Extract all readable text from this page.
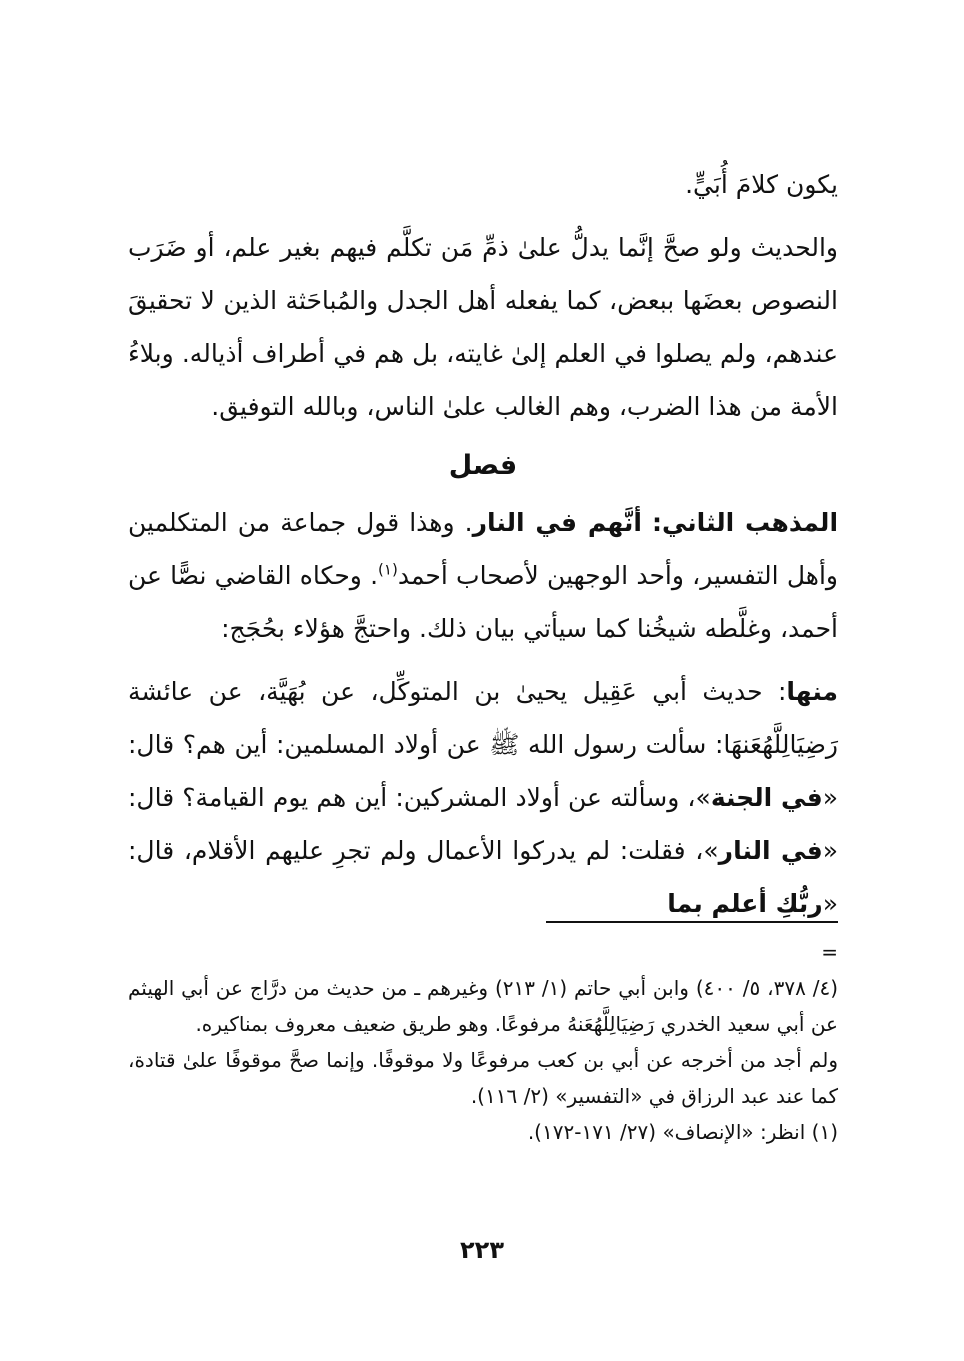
يكون كلامَ أُبَيٍّ.

والحديث ولو صحَّ إنَّما يدلُّ علىٰ ذمِّ مَن تكلَّم فيهم بغير علم، أو ضَرَب النصوص بعضَها ببعض، كما يفعله أهل الجدل والمُباحَثة الذين لا تحقيقَ عندهم، ولم يصلوا في العلم إلىٰ غايته، بل هم في أطراف أذياله. وبلاءُ الأمة من هذا الضرب، وهم الغالب علىٰ الناس، وبالله التوفيق.

فصل

المذهب الثاني: أنَّهم في النار. وهذا قول جماعة من المتكلمين وأهل التفسير، وأحد الوجهين لأصحاب أحمد$^{(١)}$. وحكاه القاضي نصًّا عن أحمد، وغلَّطه شيخُنا كما سيأتي بيان ذلك. واحتجَّ هؤلاء بحُجَج:

منها: حديث أبي عَقِيل يحيىٰ بن المتوكِّل، عن بُهَيَّة، عن عائشة رَضِيَالِلَّهُعَنهَا: سألت رسول الله ﷺ عن أولاد المسلمين: أين هم؟ قال: «في الجنة»، وسألته عن أولاد المشركين: أين هم يوم القيامة؟ قال: «في النار»، فقلت: لم يدركوا الأعمال ولم تجرِ عليهم الأقلام، قال: «ربُّكِ أعلم بما

=

(٤/ ٣٧٨، ٥/ ٤٠٠) وابن أبي حاتم (١/ ٢١٣) وغيرهم ـ من حديث من درَّاج عن أبي الهيثم عن أبي سعيد الخدري رَضِيَالِلَّهُعَنهُ مرفوعًا. وهو طريق ضعيف معروف بمناكيره.

ولم أجد من أخرجه عن أبي بن كعب مرفوعًا ولا موقوفًا. وإنما صحَّ موقوفًا علىٰ قتادة، كما عند عبد الرزاق في «التفسير» (٢/ ١١٦).

(١) انظر: «الإنصاف» (٢٧/ ١٧١-١٧٢).

٢٢٣
